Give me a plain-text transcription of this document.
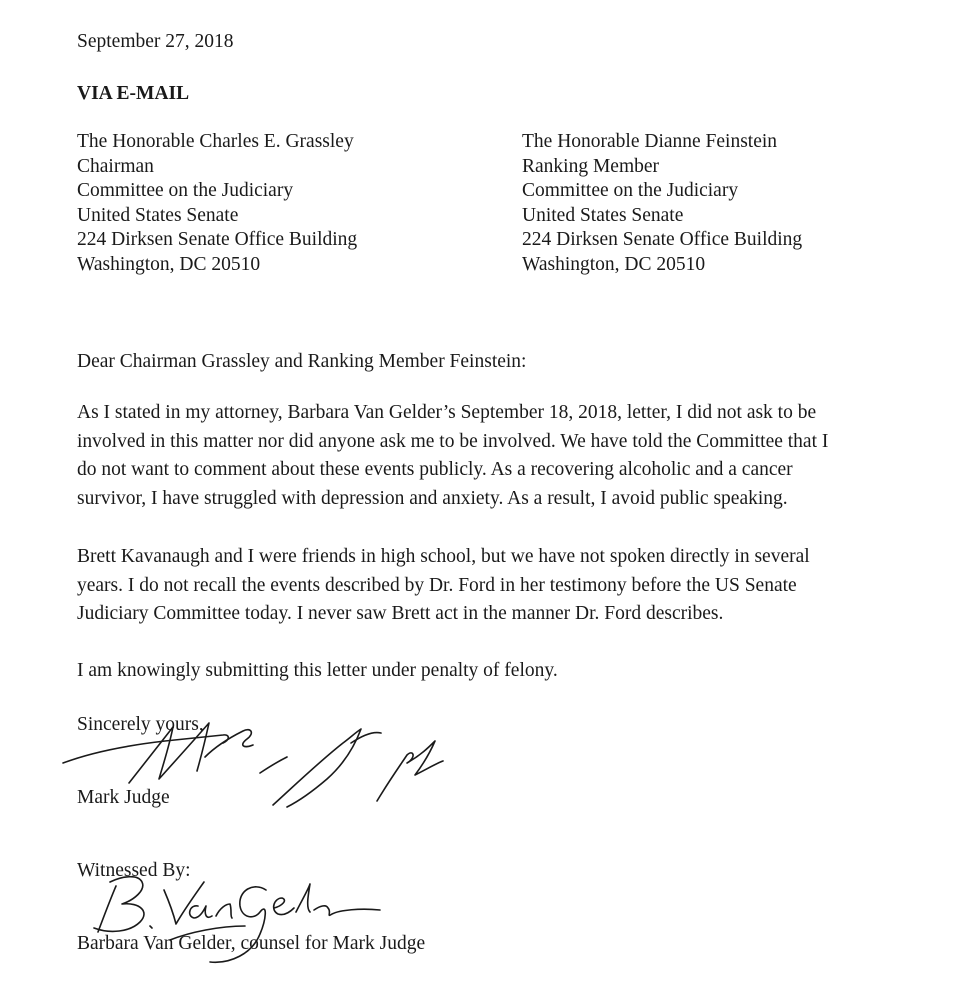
September 27, 2018
VIA E-MAIL
The Honorable Charles E. Grassley
Chairman
Committee on the Judiciary
United States Senate
224 Dirksen Senate Office Building
Washington, DC 20510
The Honorable Dianne Feinstein
Ranking Member
Committee on the Judiciary
United States Senate
224 Dirksen Senate Office Building
Washington, DC 20510
Dear Chairman Grassley and Ranking Member Feinstein:
As I stated in my attorney, Barbara Van Gelder’s September 18, 2018, letter, I did not ask to be
involved in this matter nor did anyone ask me to be involved. We have told the Committee that I
do not want to comment about these events publicly. As a recovering alcoholic and a cancer
survivor, I have struggled with depression and anxiety. As a result, I avoid public speaking.
Brett Kavanaugh and I were friends in high school, but we have not spoken directly in several
years. I do not recall the events described by Dr. Ford in her testimony before the US Senate
Judiciary Committee today. I never saw Brett act in the manner Dr. Ford describes.
I am knowingly submitting this letter under penalty of felony.
Sincerely yours,
Mark Judge
Witnessed By:
Barbara Van Gelder, counsel for Mark Judge
